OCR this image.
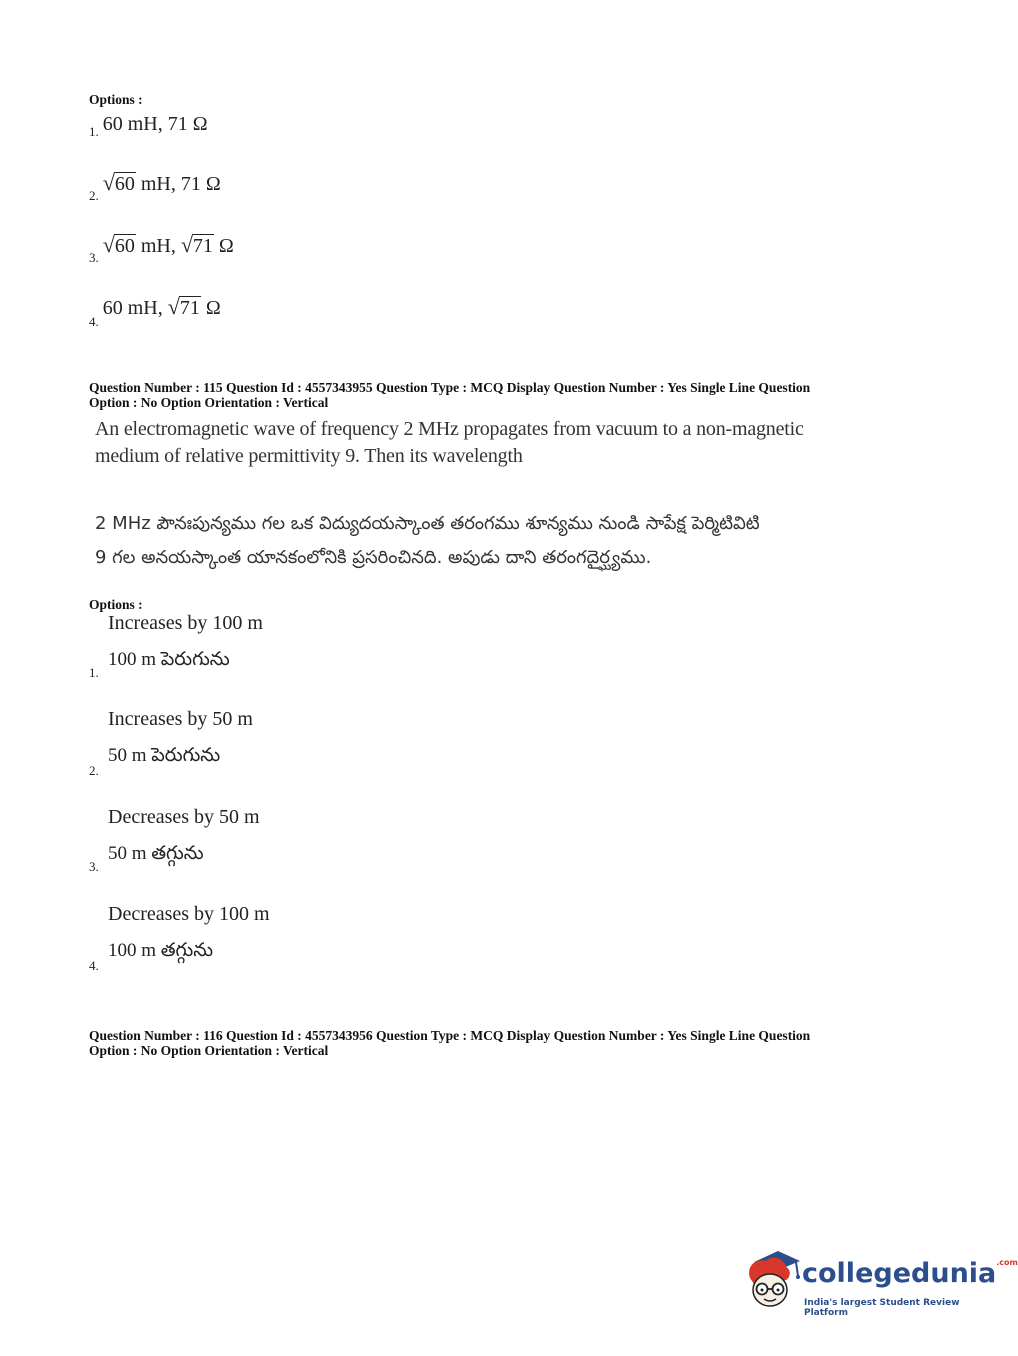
Options :
$_{1.}$ 60 mH, 71 Ω
$_{2.}$ √60 mH, 71 Ω
$_{3.}$ √60 mH, √71 Ω
$_{4.}$ 60 mH, √71 Ω
Question Number : 115 Question Id : 4557343955 Question Type : MCQ Display Question Number : Yes Single Line Question
Option : No Option Orientation : Vertical
An electromagnetic wave of frequency 2 MHz propagates from vacuum to a non-magnetic
medium of relative permittivity 9. Then its wavelength
2 MHz పౌనఃపున్యము గల ఒక విద్యుదయస్కాంత తరంగము శూన్యము నుండి సాపేక్ష పెర్మిటివిటి
9 గల అనయస్కాంత యానకంలోనికి ప్రసరించినది. అపుడు దాని తరంగదైర్ఘ్యము.
Options :
Increases by 100 m
100 m పెరుగును
1.
Increases by 50 m
50 m పెరుగును
2.
Decreases by 50 m
50 m తగ్గును
3.
Decreases by 100 m
100 m తగ్గును
4.
Question Number : 116 Question Id : 4557343956 Question Type : MCQ Display Question Number : Yes Single Line Question
Option : No Option Orientation : Vertical
collegedunia$^{.com}$
India's largest Student Review Platform
